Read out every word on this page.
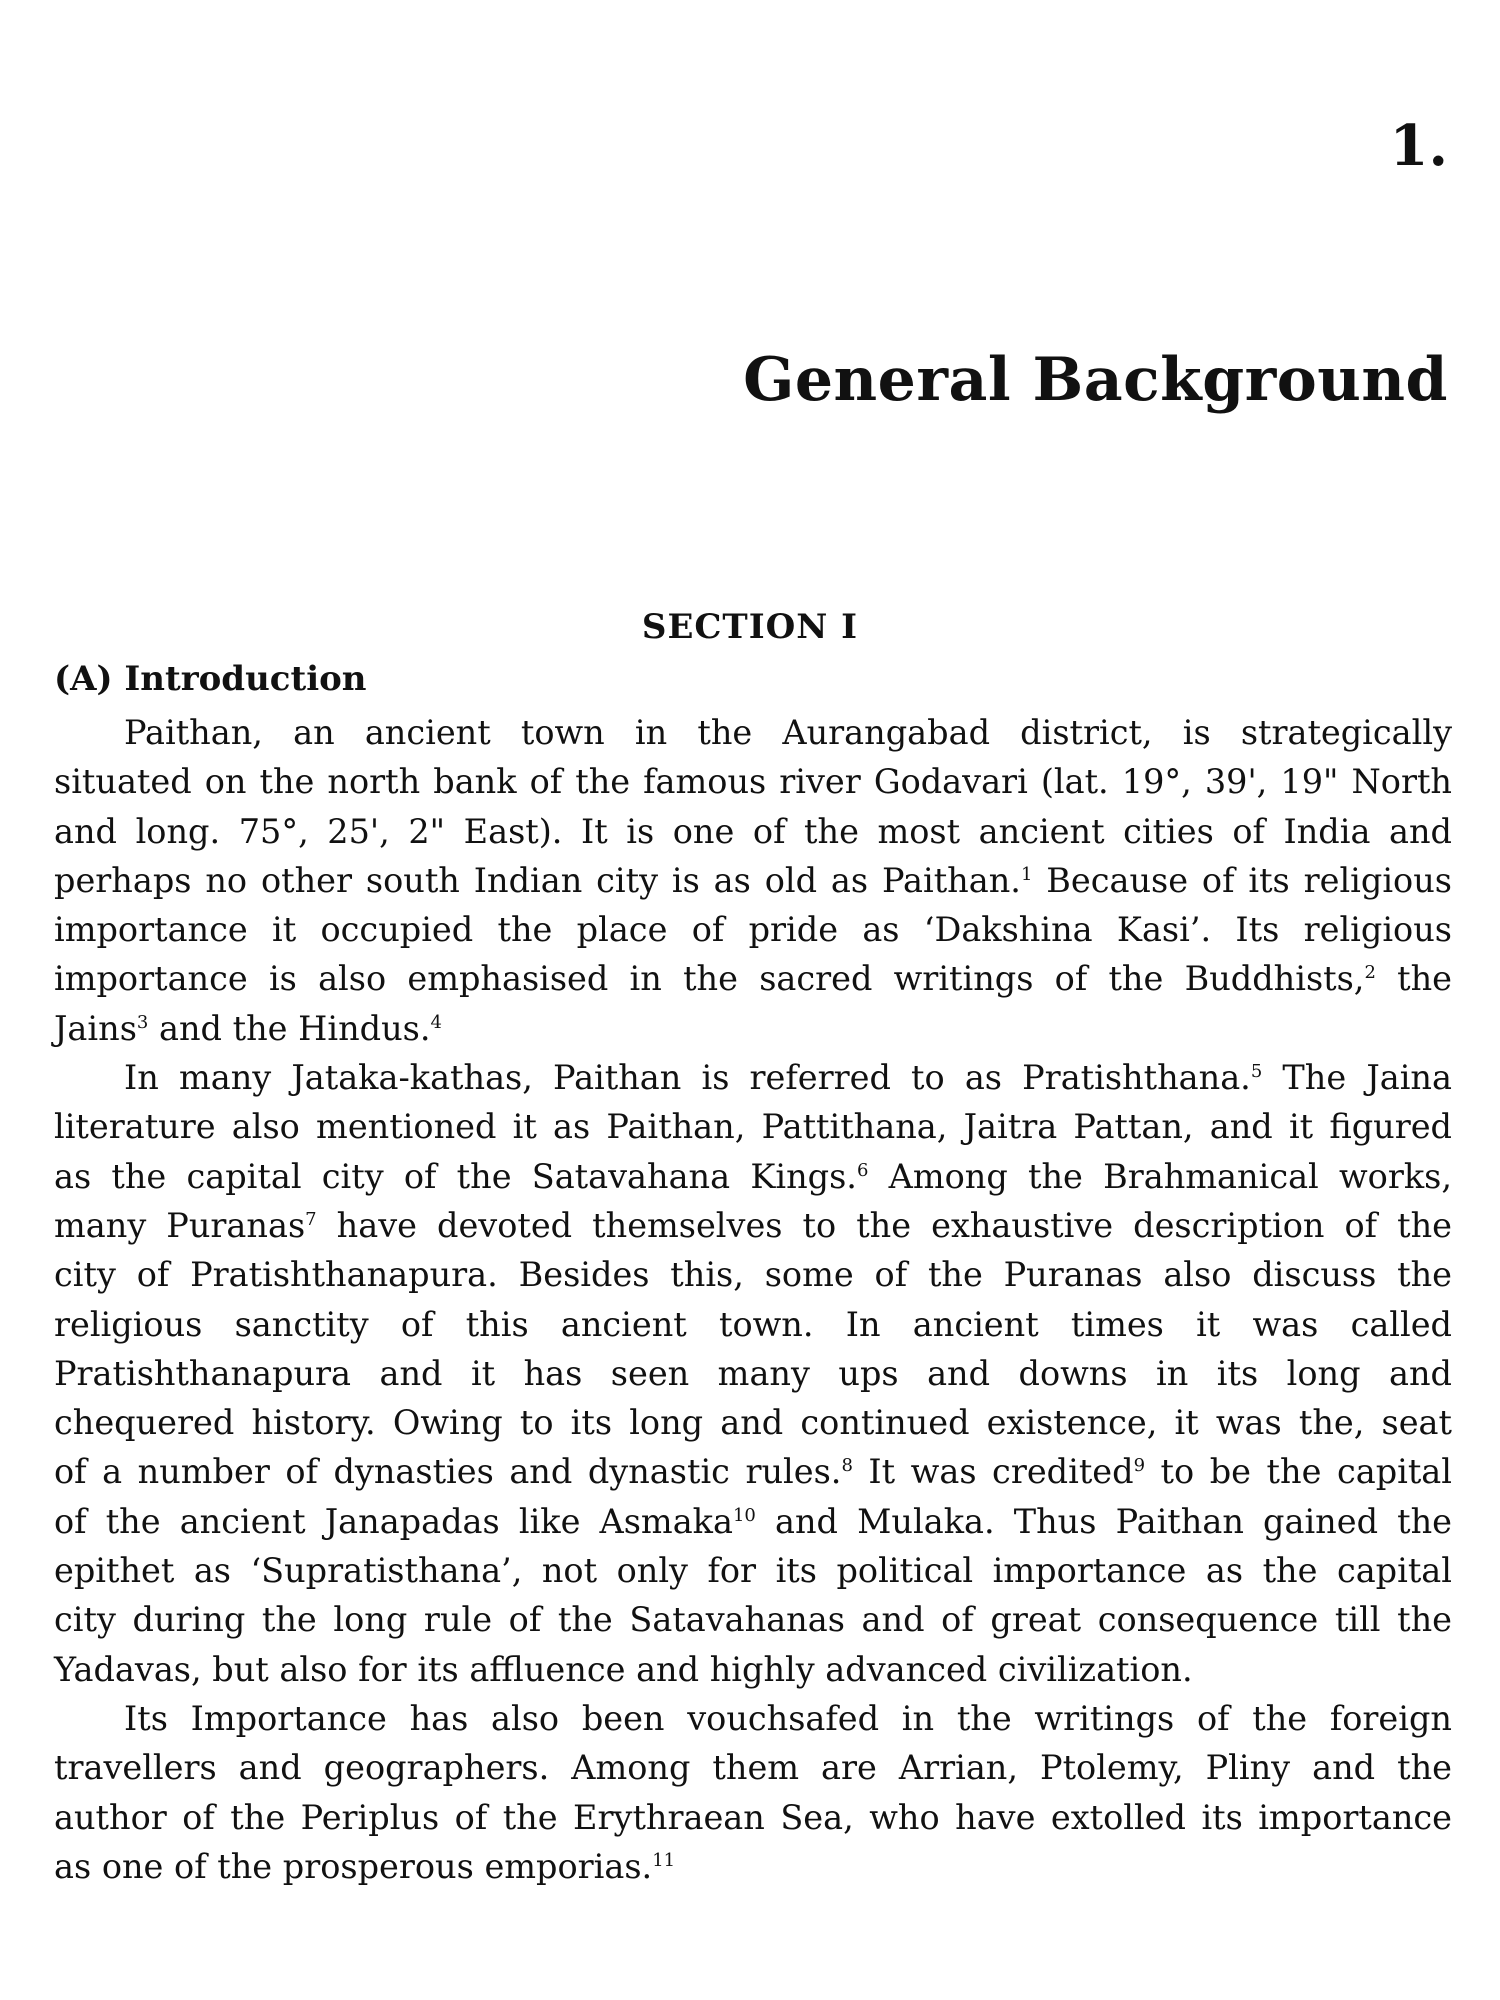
1.
General Background
SECTION I
(A) Introduction

Paithan, an ancient town in the Aurangabad district, is strategically
situated on the north bank of the famous river Godavari (lat. 19°, 39', 19" North
and long. 75°, 25', 2" East). It is one of the most ancient cities of India and
perhaps no other south Indian city is as old as Paithan.$^1$ Because of its religious
importance it occupied the place of pride as ‘Dakshina Kasi’. Its religious
importance is also emphasised in the sacred writings of the Buddhists,$^2$ the
Jains$^3$ and the Hindus.$^4$

In many Jataka-kathas, Paithan is referred to as Pratishthana.$^5$ The Jaina
literature also mentioned it as Paithan, Pattithana, Jaitra Pattan, and it figured
as the capital city of the Satavahana Kings.$^6$ Among the Brahmanical works,
many Puranas$^7$ have devoted themselves to the exhaustive description of the
city of Pratishthanapura. Besides this, some of the Puranas also discuss the
religious sanctity of this ancient town. In ancient times it was called
Pratishthanapura and it has seen many ups and downs in its long and
chequered history. Owing to its long and continued existence, it was the, seat
of a number of dynasties and dynastic rules.$^8$ It was credited$^9$ to be the capital
of the ancient Janapadas like Asmaka$^{10}$ and Mulaka. Thus Paithan gained the
epithet as ‘Supratisthana’, not only for its political importance as the capital
city during the long rule of the Satavahanas and of great consequence till the
Yadavas, but also for its affluence and highly advanced civilization.

Its Importance has also been vouchsafed in the writings of the foreign
travellers and geographers. Among them are Arrian, Ptolemy, Pliny and the
author of the Periplus of the Erythraean Sea, who have extolled its importance
as one of the prosperous emporias.$^{11}$
